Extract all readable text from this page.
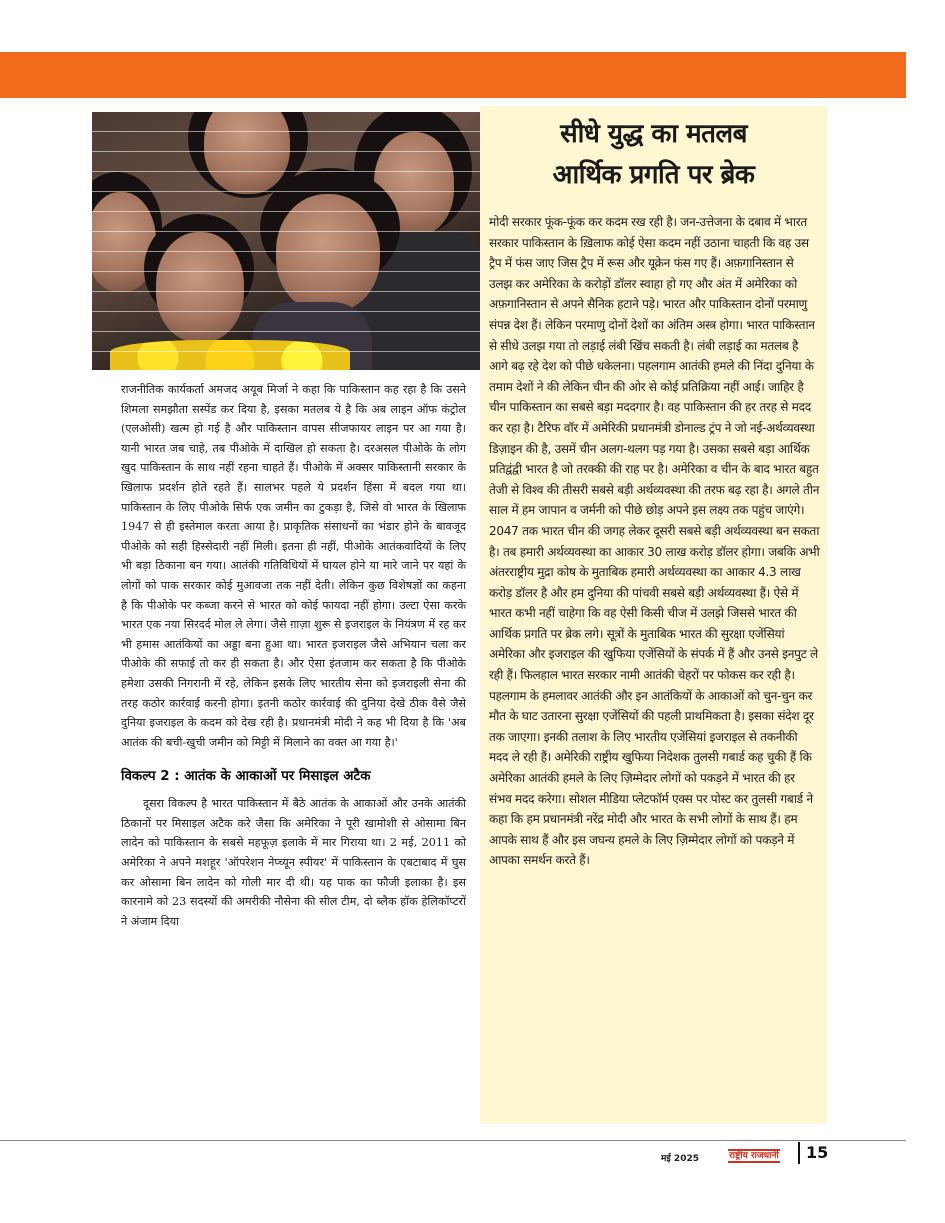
राजनीतिक कार्यकर्ता अमजद अयूब मिर्जा ने कहा कि पाकिस्तान कह रहा है कि उसने शिमला समझौता सस्पेंड कर दिया है, इसका मतलब ये है कि अब लाइन ऑफ कंट्रोल (एलओसी) खत्म हो गई है और पाकिस्तान वापस सीजफायर लाइन पर आ गया है। यानी भारत जब चाहे, तब पीओके में दाखिल हो सकता है। दरअसल पीओके के लोग खुद पाकिस्तान के साथ नहीं रहना चाहते हैं। पीओके में अक्सर पाकिस्तानी सरकार के खिलाफ प्रदर्शन होते रहते हैं। सालभर पहले ये प्रदर्शन हिंसा में बदल गया था। पाकिस्तान के लिए पीओके सिर्फ एक जमीन का टुकड़ा है, जिसे वो भारत के खिलाफ 1947 से ही इस्तेमाल करता आया है। प्राकृतिक संसाधनों का भंडार होने के बावजूद पीओके को सही हिस्सेदारी नहीं मिली। इतना ही नहीं, पीओके आतंकवादियों के लिए भी बड़ा ठिकाना बन गया। आतंकी गतिविधियों में घायल होने या मारे जाने पर यहां के लोगों को पाक सरकार कोई मुआवजा तक नहीं देती। लेकिन कुछ विशेषज्ञों का कहना है कि पीओके पर कब्जा करने से भारत को कोई फायदा नहीं होगा। उल्टा ऐसा करके भारत एक नया सिरदर्द मोल ले लेगा। जैसे ग़ाज़ा शुरू से इजराइल के नियंत्रण में रह कर भी हमास आतंकियों का अड्डा बना हुआ था। भारत इजराइल जैसे अभियान चला कर पीओके की सफाई तो कर ही सकता है। और ऐसा इंतजाम कर सकता है कि पीओके हमेशा उसकी निगरानी में रहे, लेकिन इसके लिए भारतीय सेना को इजराइली सेना की तरह कठोर कार्रवाई करनी होगा। इतनी कठोर कार्रवाई की दुनिया देखे ठीक वैसे जैसे दुनिया इजराइल के कदम को देख रही है। प्रधानमंत्री मोदी ने कह भी दिया है कि 'अब आतंक की बची-खुची जमीन को मिट्टी में मिलाने का वक्त आ गया है।'

विकल्प 2 : आतंक के आकाओं पर मिसाइल अटैक

दूसरा विकल्प है भारत पाकिस्तान में बैठे आतंक के आकाओं और उनके आतंकी ठिकानों पर मिसाइल अटैक करे जैसा कि अमेरिका ने पूरी खामोशी से ओसामा बिन लादेन को पाकिस्तान के सबसे महफूज़ इलाके में मार गिराया था। 2 मई, 2011 को अमेरिका ने अपने मशहूर 'ऑपरेशन नेप्च्यून स्पीयर' में पाकिस्तान के एबटाबाद में घुस कर ओसामा बिन लादेन को गोली मार दी थी। यह पाक का फौजी इलाका है। इस कारनामे को 23 सदस्यों की अमरीकी नौसेना की सील टीम, दो ब्लैक हॉक हेलिकॉप्टरों ने अंजाम दिया

सीधे युद्ध का मतलब
आर्थिक प्रगति पर ब्रेक
मोदी सरकार फूंक-फूंक कर कदम रख रही है। जन-उत्तेजना के दबाव में भारत सरकार पाकिस्तान के ख़िलाफ कोई ऐसा कदम नहीं उठाना चाहती कि वह उस ट्रैप में फंस जाए जिस ट्रैप में रूस और यूक्रेन फंस गए हैं। अफ़गानिस्तान से उलझ कर अमेरिका के करोड़ों डॉलर स्वाहा हो गए और अंत में अमेरिका को अफ़गानिस्तान से अपने सैनिक हटाने पड़े। भारत और पाकिस्तान दोनों परमाणु संपन्न देश हैं। लेकिन परमाणु दोनों देशों का अंतिम अस्त्र होगा। भारत पाकिस्तान से सीधे उलझ गया तो लड़ाई लंबी खिंच सकती है। लंबी लड़ाई का मतलब है आगे बढ़ रहे देश को पीछे धकेलना। पहलगाम आतंकी हमले की निंदा दुनिया के तमाम देशों ने की लेकिन चीन की ओर से कोई प्रतिक्रिया नहीं आई। जाहिर है चीन पाकिस्तान का सबसे बड़ा मददगार है। वह पाकिस्तान की हर तरह से मदद कर रहा है। टैरिफ वॉर में अमेरिकी प्रधानमंत्री डोनाल्ड ट्रंप ने जो नई-अर्थव्यवस्था डिज़ाइन की है, उसमें चीन अलग-थलग पड़ गया है। उसका सबसे बड़ा आर्थिक प्रतिद्वंद्वी भारत है जो तरक्की की राह पर है। अमेरिका व चीन के बाद भारत बहुत तेजी से विश्व की तीसरी सबसे बड़ी अर्थव्यवस्था की तरफ बढ़ रहा है। अगले तीन साल में हम जापान व जर्मनी को पीछे छोड़ अपने इस लक्ष्य तक पहुंच जाएंगे। 2047 तक भारत चीन की जगह लेकर दूसरी सबसे बड़ी अर्थव्यवस्था बन सकता है। तब हमारी अर्थव्यवस्था का आकार 30 लाख करोड़ डॉलर होगा। जबकि अभी अंतरराष्ट्रीय मुद्रा कोष के मुताबिक हमारी अर्थव्यवस्था का आकार 4.3 लाख करोड़ डॉलर है और हम दुनिया की पांचवी सबसे बड़ी अर्थव्यवस्था हैं। ऐसे में भारत कभी नहीं चाहेगा कि वह ऐसी किसी चीज में उलझे जिससे भारत की आर्थिक प्रगति पर ब्रेक लगे। सूत्रों के मुताबिक भारत की सुरक्षा एजेंसियां अमेरिका और इजराइल की खुफिया एजेंसियों के संपर्क में हैं और उनसे इनपुट ले रही हैं। फिलहाल भारत सरकार नामी आतंकी चेहरों पर फोकस कर रही है। पहलगाम के हमलावर आतंकी और इन आतंकियों के आकाओं को चुन-चुन कर मौत के घाट उतारना सुरक्षा एजेंसियों की पहली प्राथमिकता है। इसका संदेश दूर तक जाएगा। इनकी तलाश के लिए भारतीय एजेंसियां इजराइल से तकनीकी मदद ले रही हैं। अमेरिकी राष्ट्रीय खुफिया निदेशक तुलसी गबार्ड कह चुकी हैं कि अमेरिका आतंकी हमले के लिए ज़िम्मेदार लोगों को पकड़ने में भारत की हर संभव मदद करेगा। सोशल मीडिया प्लेटफॉर्म एक्स पर पोस्ट कर तुलसी गबार्ड ने कहा कि हम प्रधानमंत्री नरेंद्र मोदी और भारत के सभी लोगों के साथ हैं। हम आपके साथ हैं और इस जघन्य हमले के लिए ज़िम्मेदार लोगों को पकड़ने में आपका समर्थन करते हैं।
मई 2025	राष्ट्रीय राजधानी 15
